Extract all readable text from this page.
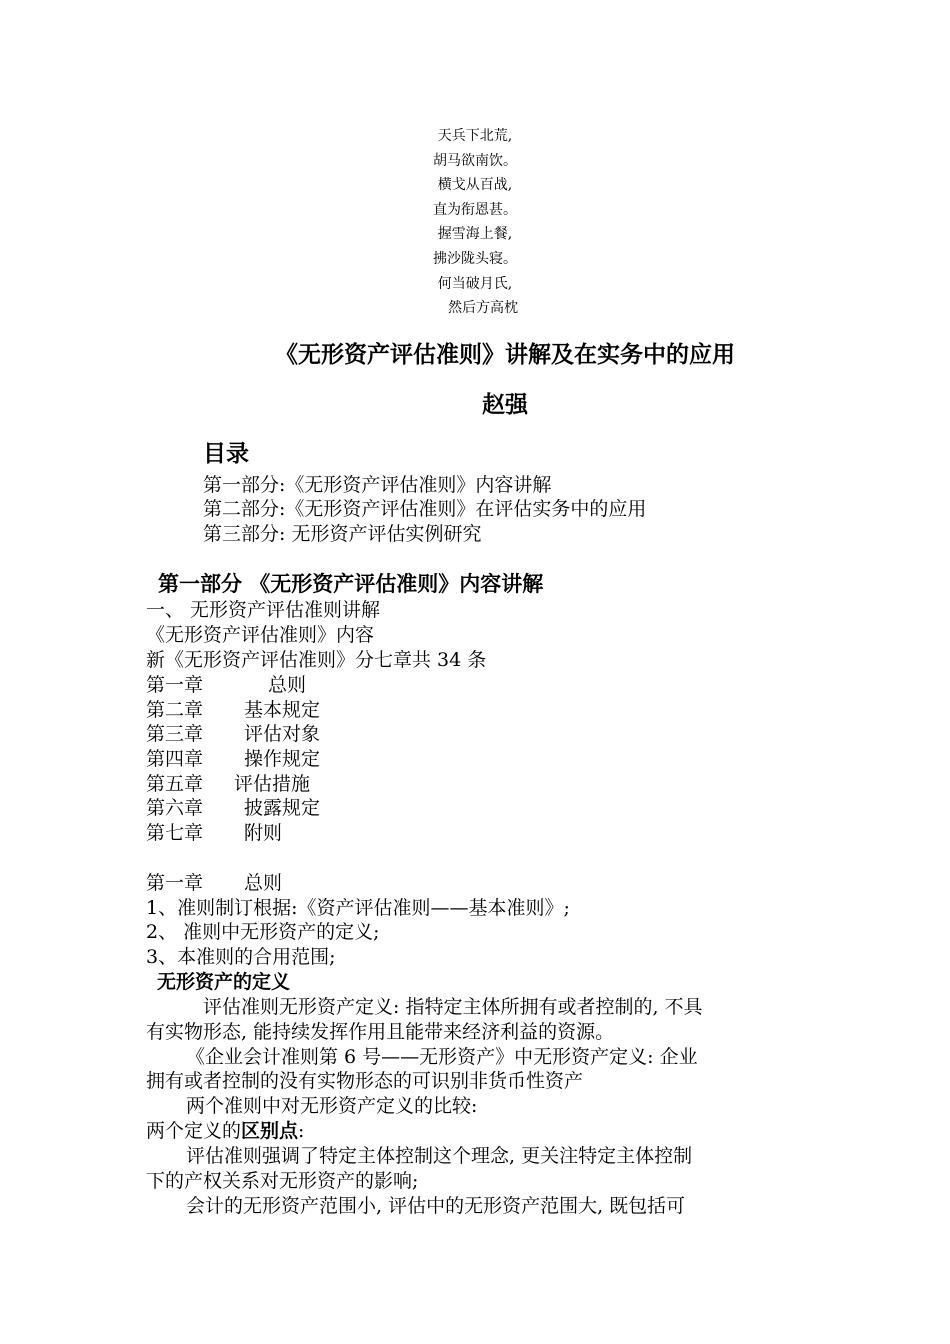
天兵下北荒,
胡马欲南饮。
横戈从百战,
直为衔恩甚。
握雪海上餐,
拂沙陇头寝。
何当破月氏,
然后方高枕
《无形资产评估准则》讲解及在实务中的应用
赵强
目录
第一部分:《无形资产评估准则》内容讲解
第二部分:《无形资产评估准则》在评估实务中的应用
第三部分: 无形资产评估实例研究
第一部分 《无形资产评估准则》内容讲解
一、 无形资产评估准则讲解
《无形资产评估准则》内容
新《无形资产评估准则》分七章共 34 条
第一章	总则
第二章 基本规定
第三章 评估对象
第四章 操作规定
第五章 评估措施
第六章 披露规定
第七章 附则
第一章 总则
1、准则制订根据:《资产评估准则——基本准则》;
2、 准则中无形资产的定义;
3、本准则的合用范围;
无形资产的定义
评估准则无形资产定义: 指特定主体所拥有或者控制的, 不具
有实物形态, 能持续发挥作用且能带来经济利益的资源。
《企业会计准则第 6 号——无形资产》中无形资产定义: 企业
拥有或者控制的没有实物形态的可识别非货币性资产
两个准则中对无形资产定义的比较:
两个定义的区别点:
评估准则强调了特定主体控制这个理念, 更关注特定主体控制
下的产权关系对无形资产的影响;
会计的无形资产范围小, 评估中的无形资产范围大, 既包括可
